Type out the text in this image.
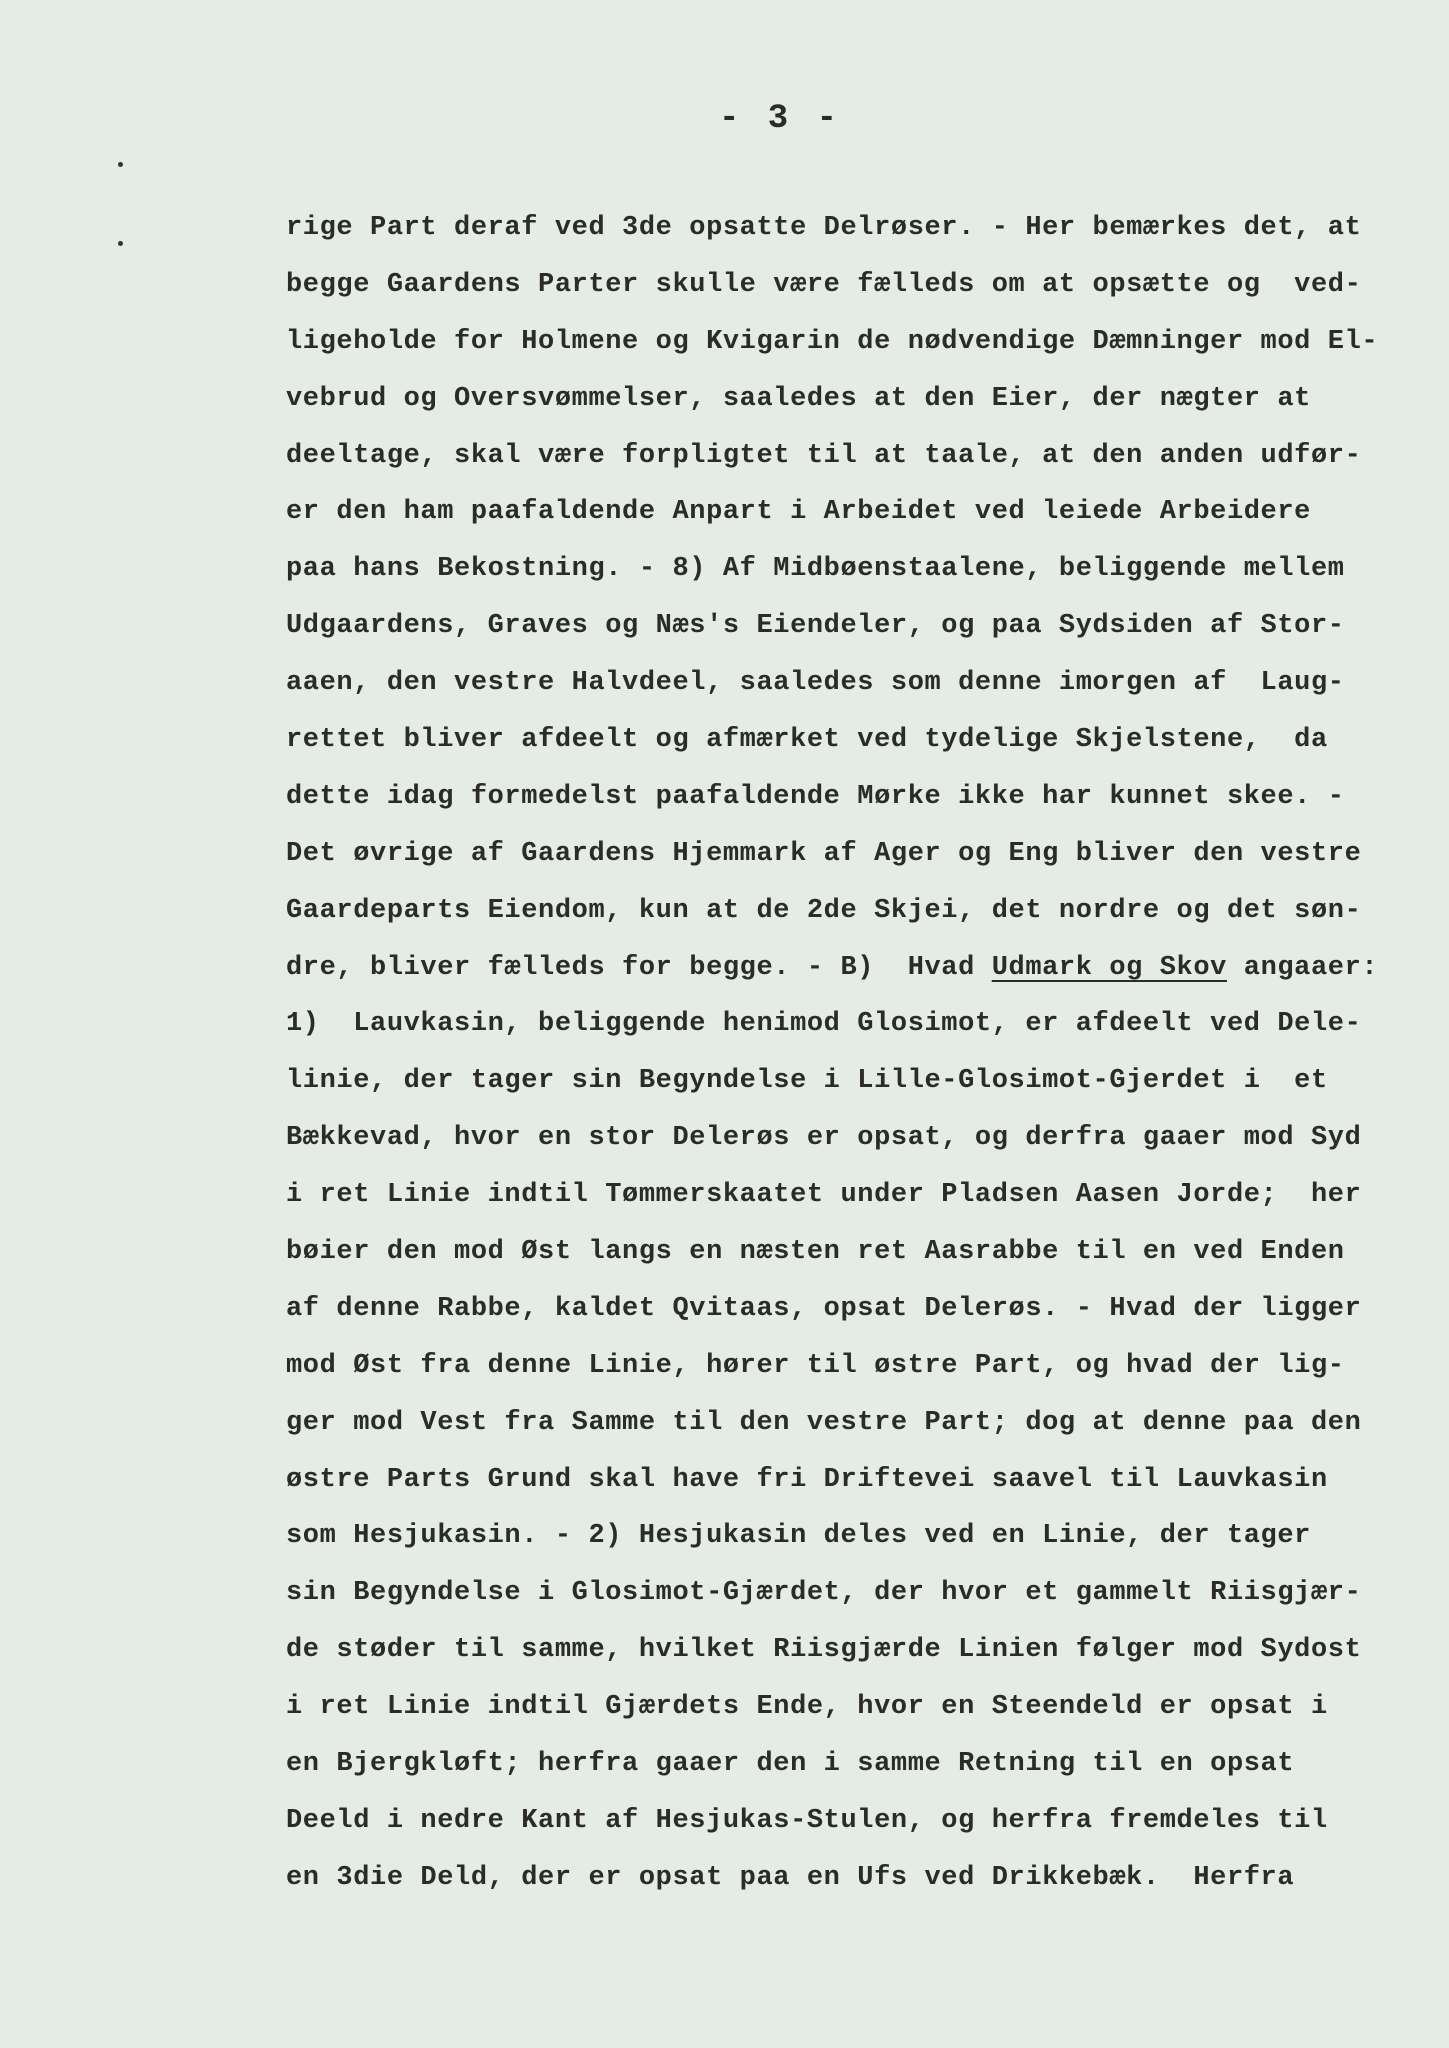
- 3 -
rige Part deraf ved 3de opsatte Delrøser. - Her bemærkes det, at
begge Gaardens Parter skulle være fælleds om at opsætte og  ved-
ligeholde for Holmene og Kvigarin de nødvendige Dæmninger mod El-
vebrud og Oversvømmelser, saaledes at den Eier, der nægter at
deeltage, skal være forpligtet til at taale, at den anden udfør-
er den ham paafaldende Anpart i Arbeidet ved leiede Arbeidere
paa hans Bekostning. - 8) Af Midbøenstaalene, beliggende mellem
Udgaardens, Graves og Næs's Eiendeler, og paa Sydsiden af Stor-
aaen, den vestre Halvdeel, saaledes som denne imorgen af  Laug-
rettet bliver afdeelt og afmærket ved tydelige Skjelstene,  da
dette idag formedelst paafaldende Mørke ikke har kunnet skee. -
Det øvrige af Gaardens Hjemmark af Ager og Eng bliver den vestre
Gaardeparts Eiendom, kun at de 2de Skjei, det nordre og det søn-
dre, bliver fælleds for begge. - B)  Hvad Udmark og Skov angaaer:
1)  Lauvkasin, beliggende henimod Glosimot, er afdeelt ved Dele-
linie, der tager sin Begyndelse i Lille-Glosimot-Gjerdet i  et
Bækkevad, hvor en stor Delerøs er opsat, og derfra gaaer mod Syd
i ret Linie indtil Tømmerskaatet under Pladsen Aasen Jorde;  her
bøier den mod Øst langs en næsten ret Aasrabbe til en ved Enden
af denne Rabbe, kaldet Qvitaas, opsat Delerøs. - Hvad der ligger
mod Øst fra denne Linie, hører til østre Part, og hvad der lig-
ger mod Vest fra Samme til den vestre Part; dog at denne paa den
østre Parts Grund skal have fri Driftevei saavel til Lauvkasin
som Hesjukasin. - 2) Hesjukasin deles ved en Linie, der tager
sin Begyndelse i Glosimot-Gjærdet, der hvor et gammelt Riisgjær-
de støder til samme, hvilket Riisgjærde Linien følger mod Sydost
i ret Linie indtil Gjærdets Ende, hvor en Steendeld er opsat i
en Bjergkløft; herfra gaaer den i samme Retning til en opsat
Deeld i nedre Kant af Hesjukas-Stulen, og herfra fremdeles til
en 3die Deld, der er opsat paa en Ufs ved Drikkebæk.  Herfra
